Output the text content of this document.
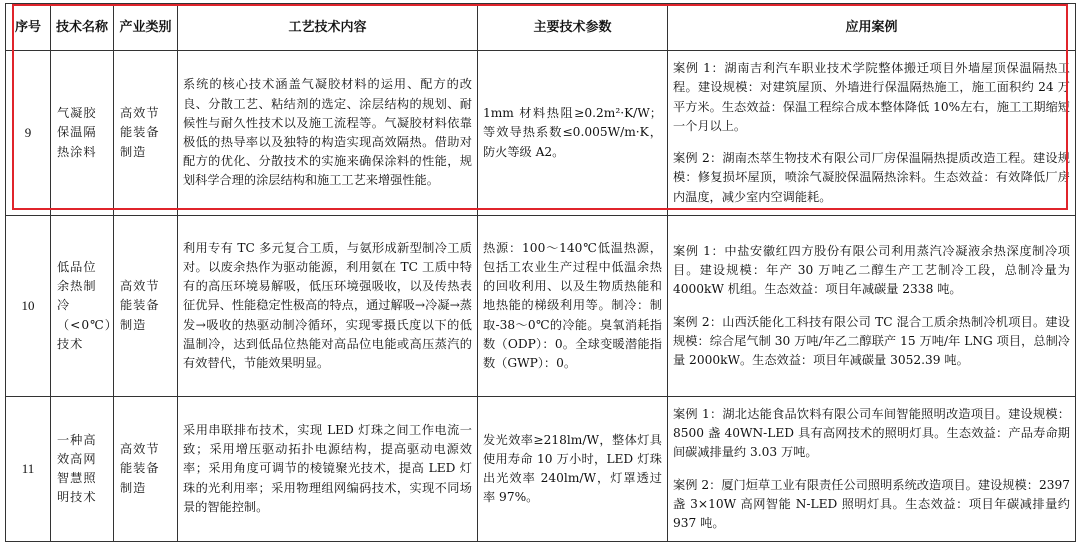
序号	技术名称	产业类别	工艺技术内容	主要技术参数	应用案例
9	气凝胶保温隔热涂料	高效节能装备制造	系统的核心技术涵盖气凝胶材料的运用、配方的改良、分散工艺、粘结剂的选定、涂层结构的规划、耐候性与耐久性技术以及施工流程等。气凝胶材料依靠极低的热导率以及独特的构造实现高效隔热。借助对配方的优化、分散技术的实施来确保涂料的性能，规划科学合理的涂层结构和施工工艺来增强性能。	1mm 材料热阻≥0.2m²·K/W；等效导热系数≤0.005W/m·K，防火等级 A2。	案例 1：湖南吉利汽车职业技术学院整体搬迁项目外墙屋顶保温隔热工程。建设规模：对建筑屋顶、外墙进行保温隔热施工，施工面积约 24 万平方米。生态效益：保温工程综合成本整体降低 10%左右，施工工期缩短一个月以上。
案例 2：湖南杰萃生物技术有限公司厂房保温隔热提质改造工程。建设规模：修复损坏屋顶，喷涂气凝胶保温隔热涂料。生态效益：有效降低厂房内温度，减少室内空调能耗。

10	低品位余热制冷（<0℃）技术	高效节能装备制造	利用专有 TC 多元复合工质，与氨形成新型制冷工质对。以废余热作为驱动能源，利用氨在 TC 工质中特有的高压环境易解吸，低压环境强吸收，以及传热表征优异、性能稳定性极高的特点，通过解吸→冷凝→蒸发→吸收的热驱动制冷循环，实现零摄氏度以下的低温制冷，达到低品位热能对高品位电能或高压蒸汽的有效替代，节能效果明显。	热源：100～140℃低温热源，包括工农业生产过程中低温余热的回收利用、以及生物质热能和地热能的梯级利用等。制冷：制取-38～0℃的冷能。臭氧消耗指数（ODP）：0。全球变暖潜能指数（GWP）：0。	案例 1：中盐安徽红四方股份有限公司利用蒸汽冷凝液余热深度制冷项目。建设规模：年产 30 万吨乙二醇生产工艺制冷工段，总制冷量为 4000kW 机组。生态效益：项目年减碳量 2338 吨。
案例 2：山西沃能化工科技有限公司 TC 混合工质余热制冷机项目。建设规模：综合尾气制 30 万吨/年乙二醇联产 15 万吨/年 LNG 项目，总制冷量 2000kW。生态效益：项目年减碳量 3052.39 吨。

11	一种高效高网智慧照明技术	高效节能装备制造	采用串联排布技术，实现 LED 灯珠之间工作电流一致；采用增压驱动拓扑电源结构，提高驱动电源效率；采用角度可调节的棱镜聚光技术，提高 LED 灯珠的光利用率；采用物理组网编码技术，实现不同场景的智能控制。	发光效率≥218lm/W，整体灯具使用寿命 10 万小时，LED 灯珠出光效率 240lm/W，灯罩透过率 97%。	案例 1：湖北达能食品饮料有限公司车间智能照明改造项目。建设规模：8500 盏 40WN-LED 具有高网技术的照明灯具。生态效益：产品寿命期间碳减排量约 3.03 万吨。
案例 2：厦门烜草工业有限责任公司照明系统改造项目。建设规模：2397 盏 3×10W 高网智能 N-LED 照明灯具。生态效益：项目年碳减排量约 937 吨。
